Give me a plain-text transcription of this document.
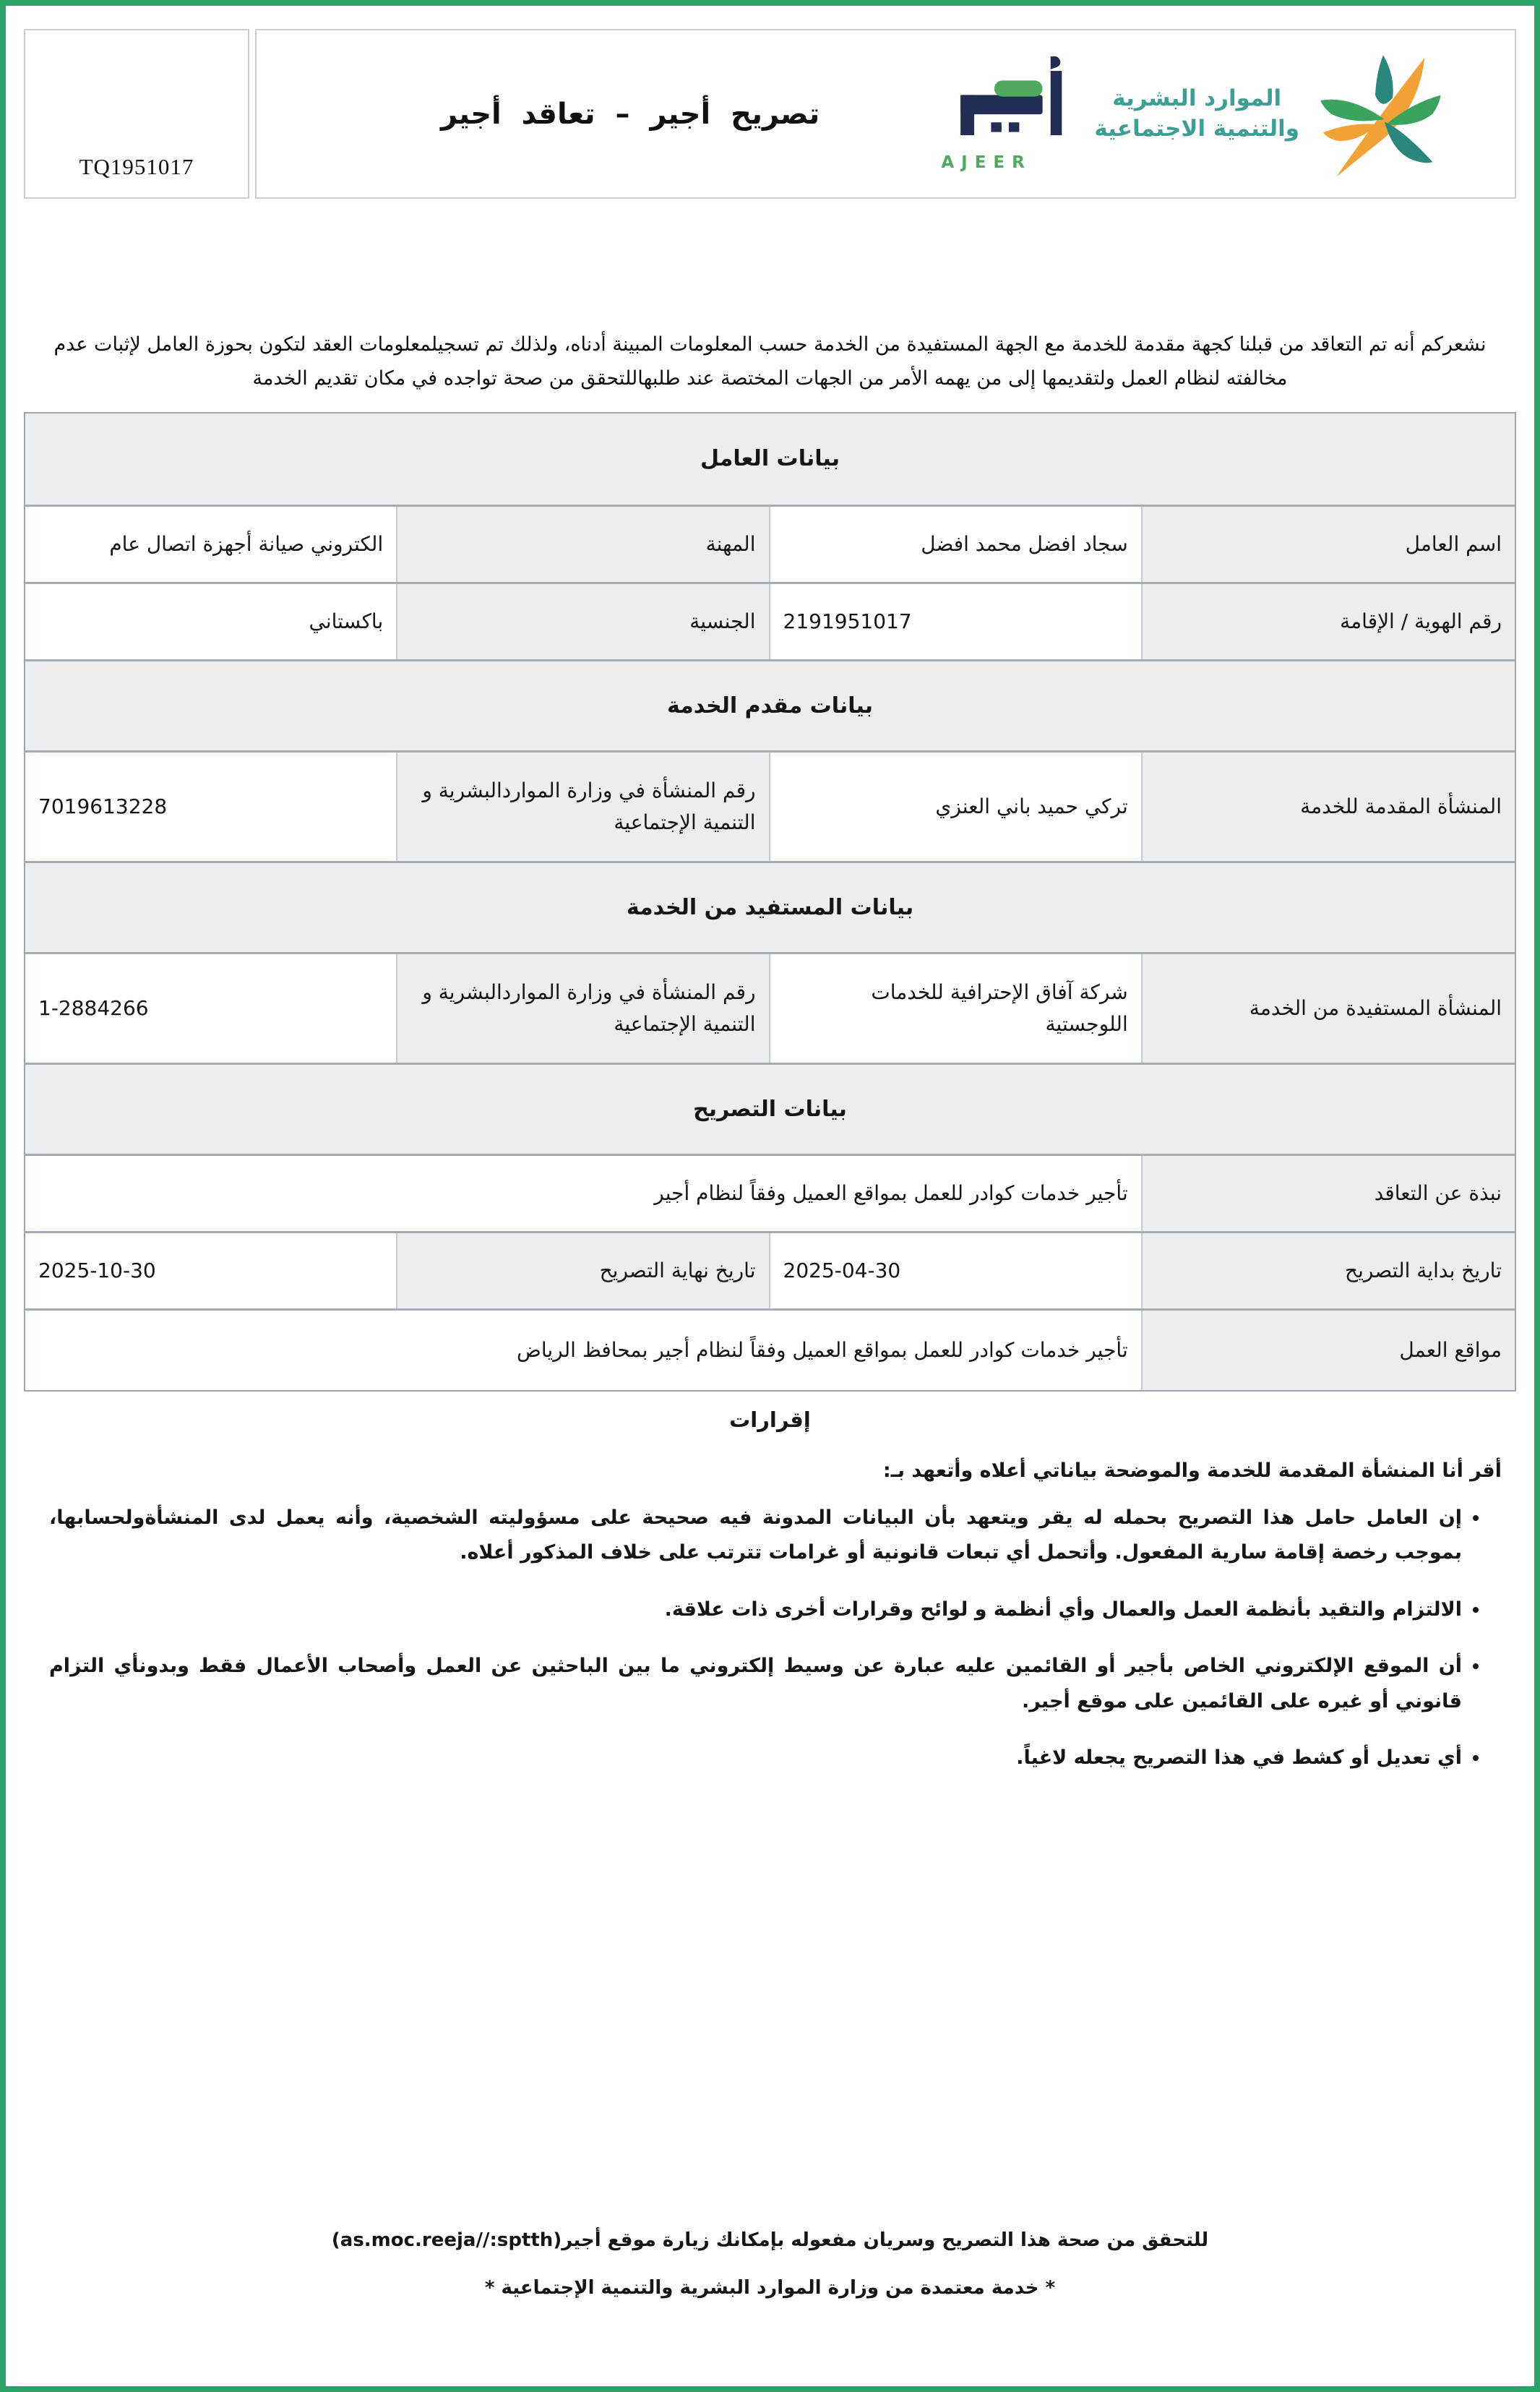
TQ1951017
تصريح أجير – تعاقد أجير
AJEER
الموارد البشرية
والتنمية الاجتماعية

نشعركم أنه تم التعاقد من قبلنا كجهة مقدمة للخدمة مع الجهة المستفيدة من الخدمة حسب المعلومات المبينة أدناه، ولذلك تم تسجيلمعلومات العقد لتكون بحوزة العامل لإثبات عدم مخالفته لنظام العمل ولتقديمها إلى من يهمه الأمر من الجهات المختصة عند طلبهاللتحقق من صحة تواجده في مكان تقديم الخدمة

بيانات العامل
اسم العامل
سجاد افضل محمد افضل
المهنة
الكتروني صيانة أجهزة اتصال عام
رقم الهوية / الإقامة
2191951017
الجنسية
باكستاني
بيانات مقدم الخدمة
المنشأة المقدمة للخدمة
تركي حميد باني العنزي
رقم المنشأة في وزارة المواردالبشرية و التنمية الإجتماعية
7019613228
بيانات المستفيد من الخدمة
المنشأة المستفيدة من الخدمة
شركة آفاق الإحترافية للخدمات اللوجستية
رقم المنشأة في وزارة المواردالبشرية و التنمية الإجتماعية
1-2884266
بيانات التصريح
نبذة عن التعاقد
تأجير خدمات كوادر للعمل بمواقع العميل وفقاً لنظام أجير
تاريخ بداية التصريح
2025-04-30
تاريخ نهاية التصريح
2025-10-30
مواقع العمل
تأجير خدمات كوادر للعمل بمواقع العميل وفقاً لنظام أجير بمحافظ الرياض
إقرارات

أقر أنا المنشأة المقدمة للخدمة والموضحة بياناتي أعلاه وأتعهد بـ:

• إن العامل حامل هذا التصريح بحمله له يقر ويتعهد بأن البيانات المدونة فيه صحيحة على مسؤوليته الشخصية، وأنه يعمل لدى المنشأةولحسابها، بموجب رخصة إقامة سارية المفعول. وأتحمل أي تبعات قانونية أو غرامات تترتب على خلاف المذكور أعلاه.
• الالتزام والتقيد بأنظمة العمل والعمال وأي أنظمة و لوائح وقرارات أخرى ذات علاقة.
• أن الموقع الإلكتروني الخاص بأجير أو القائمين عليه عبارة عن وسيط إلكتروني ما بين الباحثين عن العمل وأصحاب الأعمال فقط وبدونأي التزام قانوني أو غيره على القائمين على موقع أجير.
• أي تعديل أو كشط في هذا التصريح يجعله لاغياً.

للتحقق من صحة هذا التصريح وسريان مفعوله بإمكانك زيارة موقع أجير(as.moc.reeja//:sptth)

* خدمة معتمدة من وزارة الموارد البشرية والتنمية الإجتماعية *
